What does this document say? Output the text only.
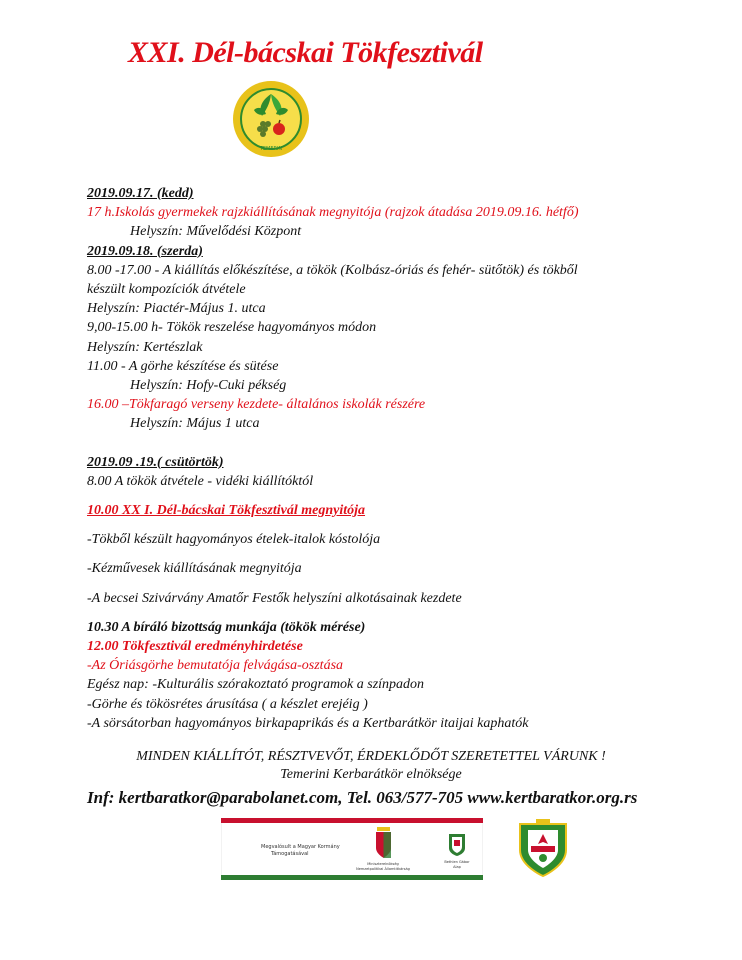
XXI. Dél-bácskai Tökfesztivál
TEMERIN
2019.09.17. (kedd)
17 h.Iskolás gyermekek rajzkiállításának megnyitója (rajzok átadása 2019.09.16. hétfő)
Helyszín: Művelődési Központ
2019.09.18. (szerda)
8.00 -17.00 - A kiállítás előkészítése, a tökök (Kolbász-óriás és fehér- sütőtök) és tökből
készült kompozíciók átvétele
Helyszín: Piactér-Május 1. utca
9,00-15.00 h- Tökök reszelése hagyományos módon
Helyszín: Kertészlak
11.00 - A görhe készítése és sütése
Helyszín: Hofy-Cuki pékség
16.00 –Tökfaragó verseny kezdete- általános iskolák részére
Helyszín: Május 1 utca
2019.09 .19.( csütörtök)
8.00 A tökök átvétele - vidéki kiállítóktól
10.00 XX I. Dél-bácskai Tökfesztivál megnyitója
-Tökből készült hagyományos ételek-italok kóstolója
-Kézművesek kiállításának megnyitója
-A becsei Szivárvány Amatőr Festők helyszíni alkotásainak kezdete
10.30 A bíráló bizottság munkája (tökök mérése)
12.00 Tökfesztivál eredményhirdetése
-Az Óriásgörhe bemutatója felvágása-osztása
Egész nap: -Kulturális szórakoztató programok a színpadon
-Görhe és tökösrétes árusítása ( a készlet erejéig )
-A sörsátorban hagyományos birkapaprikás és a Kertbarátkör itaijai kaphatók
MINDEN KIÁLLÍTÓT, RÉSZTVEVŐT, ÉRDEKLŐDŐT SZERETETTEL VÁRUNK !
Temerini Kerbarátkör elnöksége
Inf: kertbaratkor@parabolanet.com, Tel. 063/577-705 www.kertbaratkor.org.rs
Megvalósult a Magyar Kormány
Támogatásával
Miniszterelnökség
Nemzetpolitikai Államtitkárság
Bethlen Gábor
Alap
